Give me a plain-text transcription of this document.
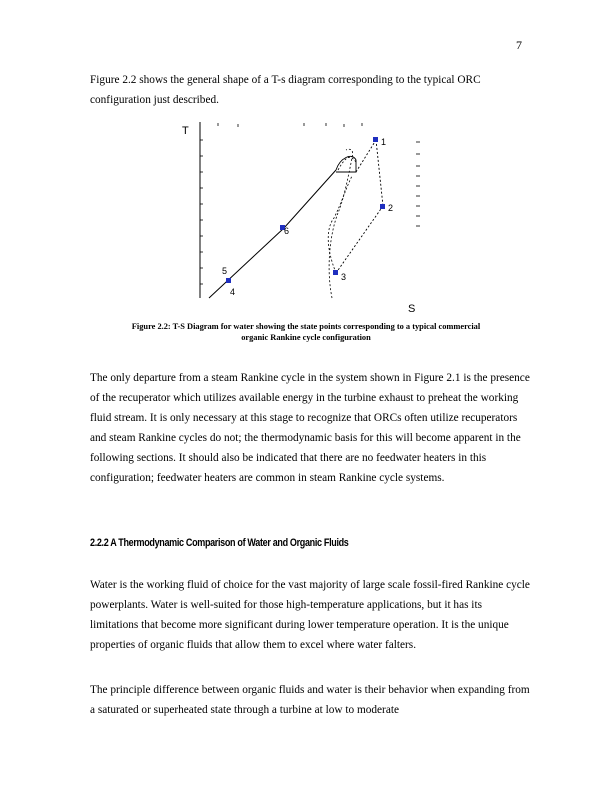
7

Figure 2.2 shows the general shape of a T-s diagram corresponding to the typical ORC configuration just described.

T
S
1
2
3
4
5
6
Figure 2.2: T-S Diagram for water showing the state points corresponding to a typical commercial
organic Rankine cycle configuration

The only departure from a steam Rankine cycle in the system shown in Figure 2.1 is the presence of the recuperator which utilizes available energy in the turbine exhaust to preheat the working fluid stream. It is only necessary at this stage to recognize that ORCs often utilize recuperators and steam Rankine cycles do not; the thermodynamic basis for this will become apparent in the following sections. It should also be indicated that there are no feedwater heaters in this configuration; feedwater heaters are common in steam Rankine cycle systems.

2.2.2 A Thermodynamic Comparison of Water and Organic Fluids

Water is the working fluid of choice for the vast majority of large scale fossil-fired Rankine cycle powerplants. Water is well-suited for those high-temperature applications, but it has its limitations that become more significant during lower temperature operation. It is the unique properties of organic fluids that allow them to excel where water falters.

The principle difference between organic fluids and water is their behavior when expanding from a saturated or superheated state through a turbine at low to moderate
